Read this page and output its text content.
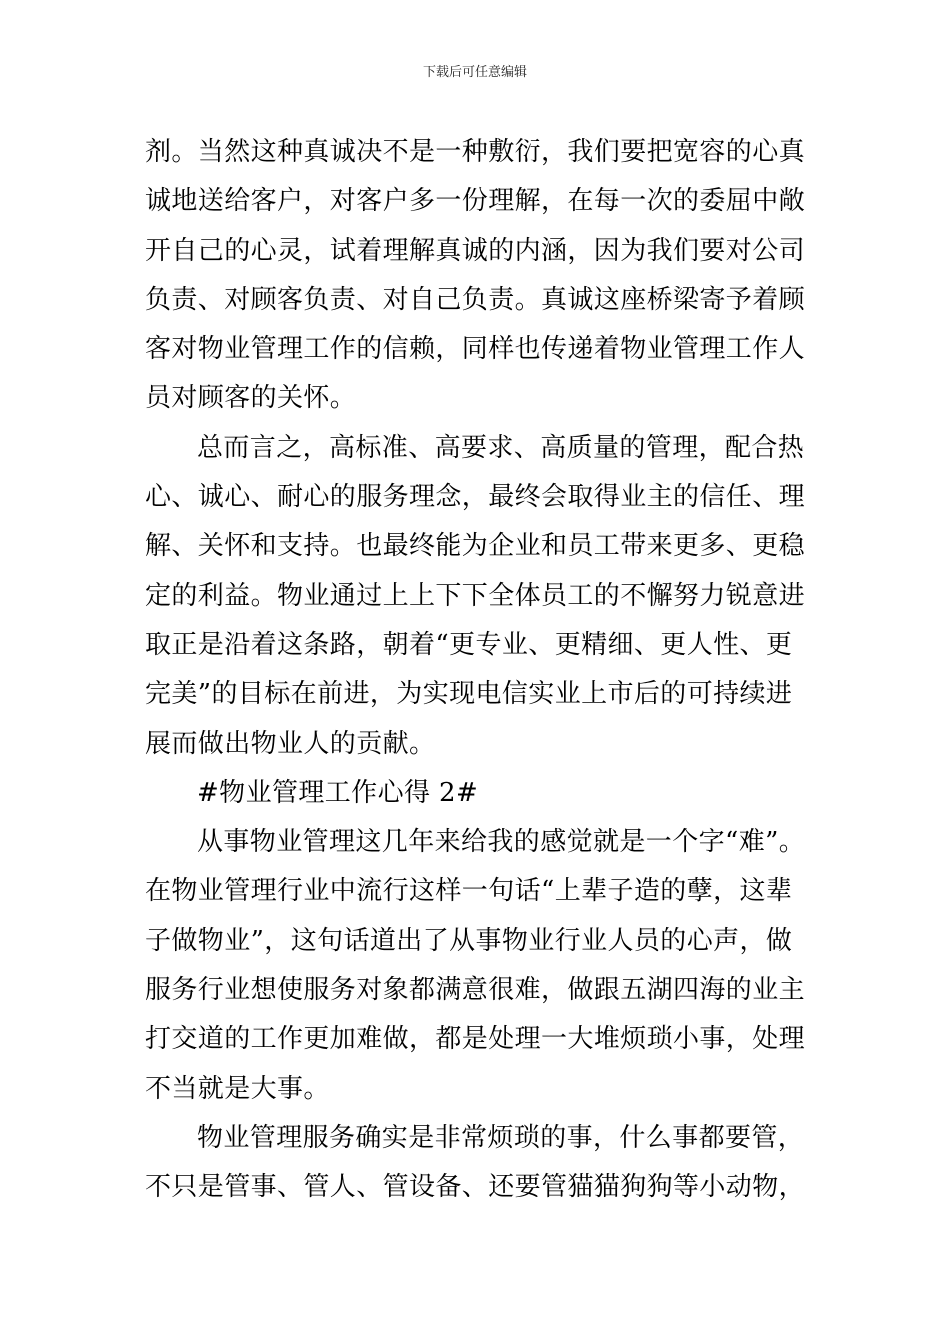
下载后可任意编辑
剂。当然这种真诚决不是一种敷衍，我们要把宽容的心真
诚地送给客户，对客户多一份理解，在每一次的委屈中敞
开自己的心灵，试着理解真诚的内涵，因为我们要对公司
负责、对顾客负责、对自己负责。真诚这座桥梁寄予着顾
客对物业管理工作的信赖，同样也传递着物业管理工作人
员对顾客的关怀。
总而言之，高标准、高要求、高质量的管理，配合热
心、诚心、耐心的服务理念，最终会取得业主的信任、理
解、关怀和支持。也最终能为企业和员工带来更多、更稳
定的利益。物业通过上上下下全体员工的不懈努力锐意进
取正是沿着这条路，朝着“更专业、更精细、更人性、更
完美”的目标在前进，为实现电信实业上市后的可持续进
展而做出物业人的贡献。
#物业管理工作心得 2#
从事物业管理这几年来给我的感觉就是一个字“难”。
在物业管理行业中流行这样一句话“上辈子造的孽，这辈
子做物业”，这句话道出了从事物业行业人员的心声，做
服务行业想使服务对象都满意很难，做跟五湖四海的业主
打交道的工作更加难做，都是处理一大堆烦琐小事，处理
不当就是大事。
物业管理服务确实是非常烦琐的事，什么事都要管，
不只是管事、管人、管设备、还要管猫猫狗狗等小动物，
